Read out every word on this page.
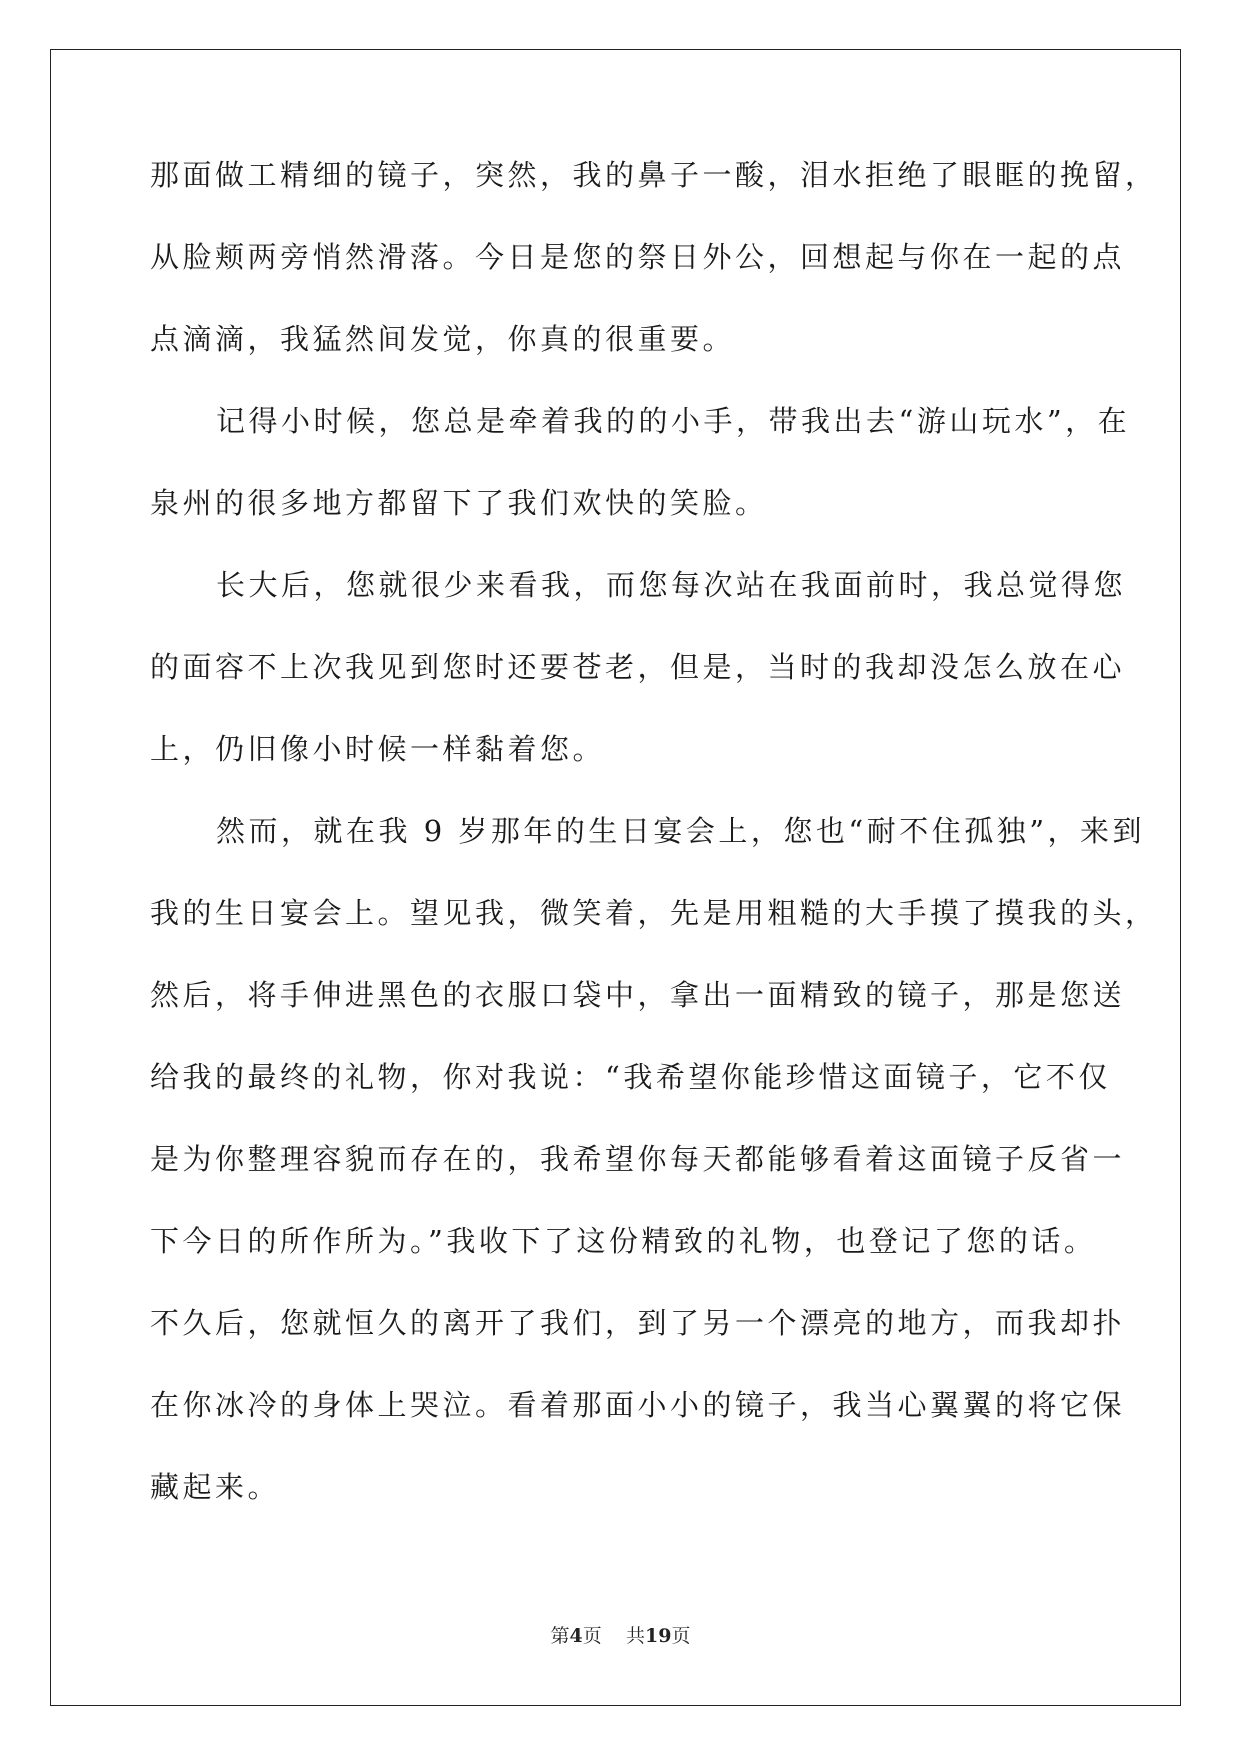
那面做工精细的镜子，突然，我的鼻子一酸，泪水拒绝了眼眶的挽留，

从脸颊两旁悄然滑落。今日是您的祭日外公，回想起与你在一起的点

点滴滴，我猛然间发觉，你真的很重要。

记得小时候，您总是牵着我的的小手，带我出去“游山玩水”，在

泉州的很多地方都留下了我们欢快的笑脸。

长大后，您就很少来看我，而您每次站在我面前时，我总觉得您

的面容不上次我见到您时还要苍老，但是，当时的我却没怎么放在心

上，仍旧像小时候一样黏着您。

然而，就在我 9 岁那年的生日宴会上，您也“耐不住孤独”，来到

我的生日宴会上。望见我，微笑着，先是用粗糙的大手摸了摸我的头，

然后，将手伸进黑色的衣服口袋中，拿出一面精致的镜子，那是您送

给我的最终的礼物，你对我说：“我希望你能珍惜这面镜子，它不仅

是为你整理容貌而存在的，我希望你每天都能够看着这面镜子反省一

下今日的所作所为。”我收下了这份精致的礼物，也登记了您的话。

不久后，您就恒久的离开了我们，到了另一个漂亮的地方，而我却扑

在你冰冷的身体上哭泣。看着那面小小的镜子，我当心翼翼的将它保

藏起来。

第4页 共19页
